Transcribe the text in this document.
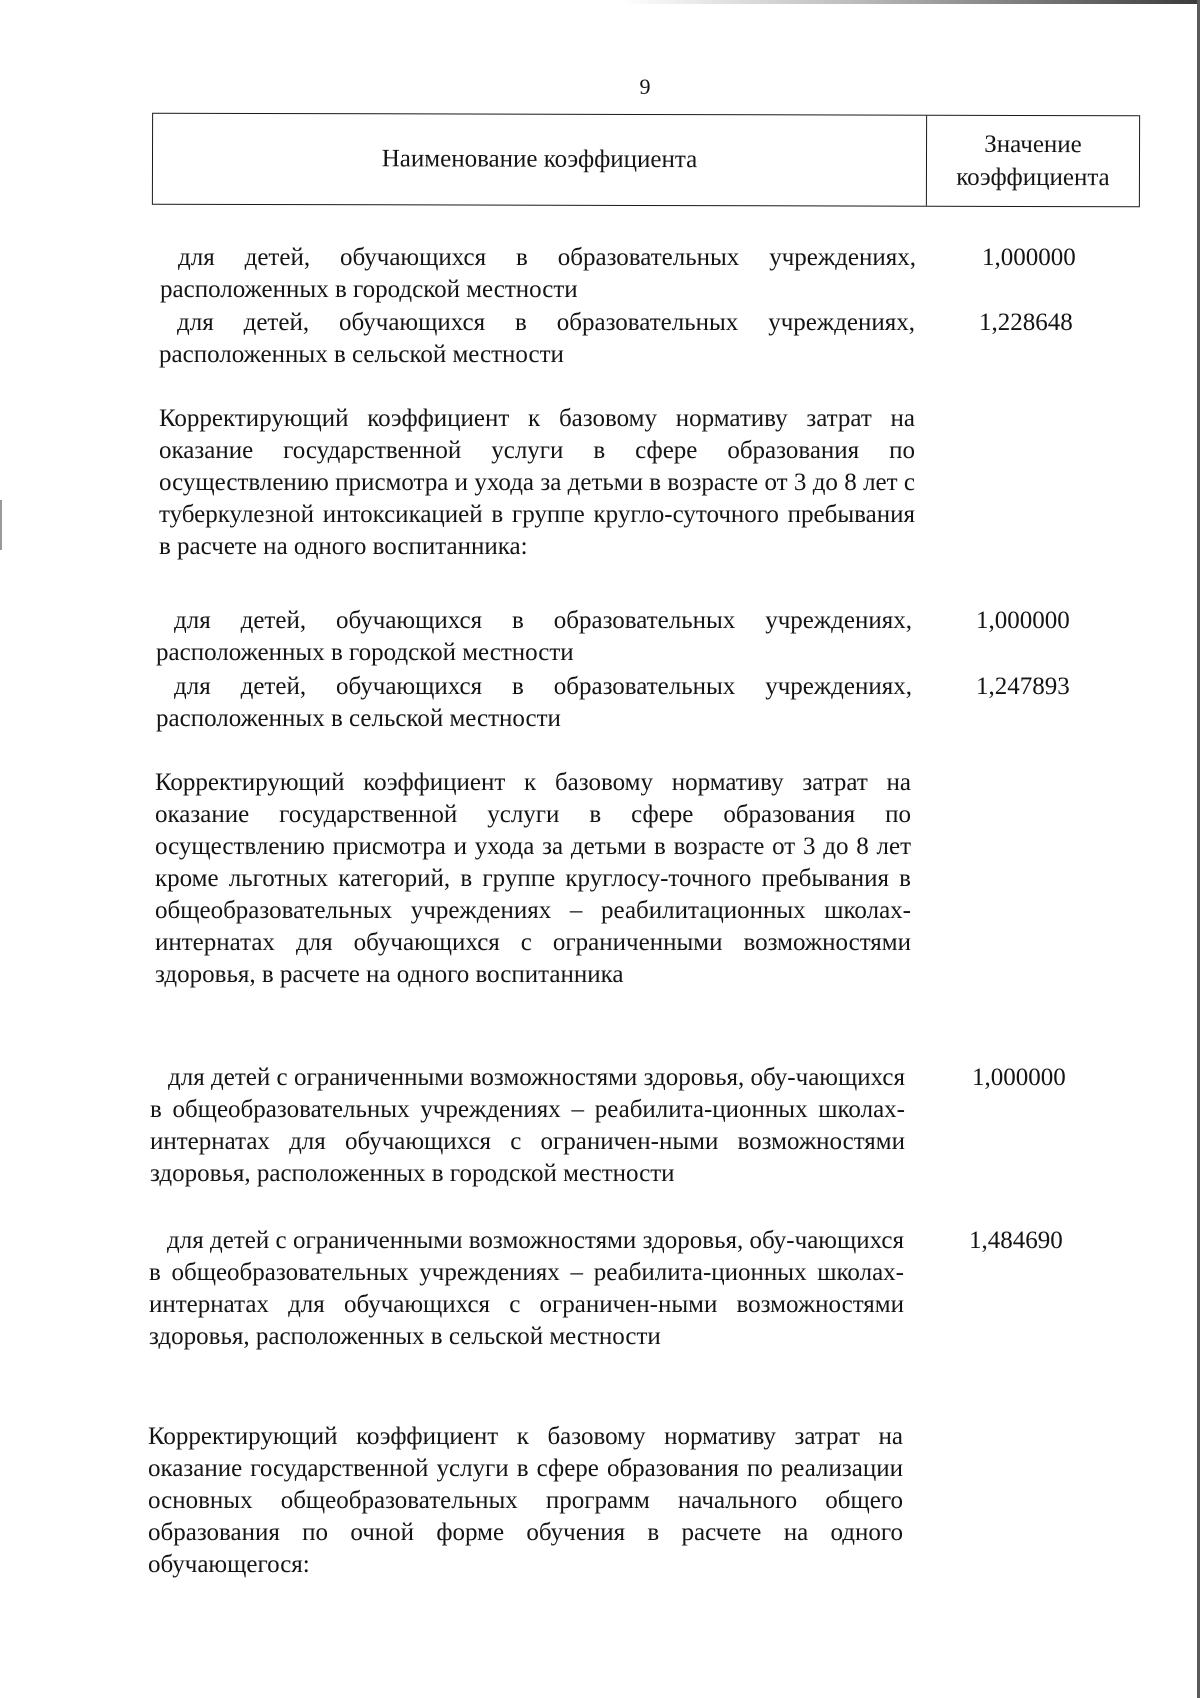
9
Наименование коэффициента
Значение коэффициента
для детей, обучающихся в образовательных учреждениях, расположенных в городской местности
1,000000
для детей, обучающихся в образовательных учреждениях, расположенных в сельской местности
1,228648
Корректирующий коэффициент к базовому нормативу затрат на оказание государственной услуги в сфере образования по осуществлению присмотра и ухода за детьми в возрасте от 3 до 8 лет с туберкулезной интоксикацией в группе кругло-суточного пребывания в расчете на одного воспитанника:
для детей, обучающихся в образовательных учреждениях, расположенных в городской местности
1,000000
для детей, обучающихся в образовательных учреждениях, расположенных в сельской местности
1,247893
Корректирующий коэффициент к базовому нормативу затрат на оказание государственной услуги в сфере образования по осуществлению присмотра и ухода за детьми в возрасте от 3 до 8 лет кроме льготных категорий, в группе круглосу-точного пребывания в общеобразовательных учреждениях – реабилитационных школах-интернатах для обучающихся с ограниченными возможностями здоровья, в расчете на одного воспитанника
для детей с ограниченными возможностями здоровья, обу-чающихся в общеобразовательных учреждениях – реабилита-ционных школах-интернатах для обучающихся с ограничен-ными возможностями здоровья, расположенных в городской местности
1,000000
для детей с ограниченными возможностями здоровья, обу-чающихся в общеобразовательных учреждениях – реабилита-ционных школах-интернатах для обучающихся с ограничен-ными возможностями здоровья, расположенных в сельской местности
1,484690
Корректирующий коэффициент к базовому нормативу затрат на оказание государственной услуги в сфере образования по реализации основных общеобразовательных программ начального общего образования по очной форме обучения в расчете на одного обучающегося:
